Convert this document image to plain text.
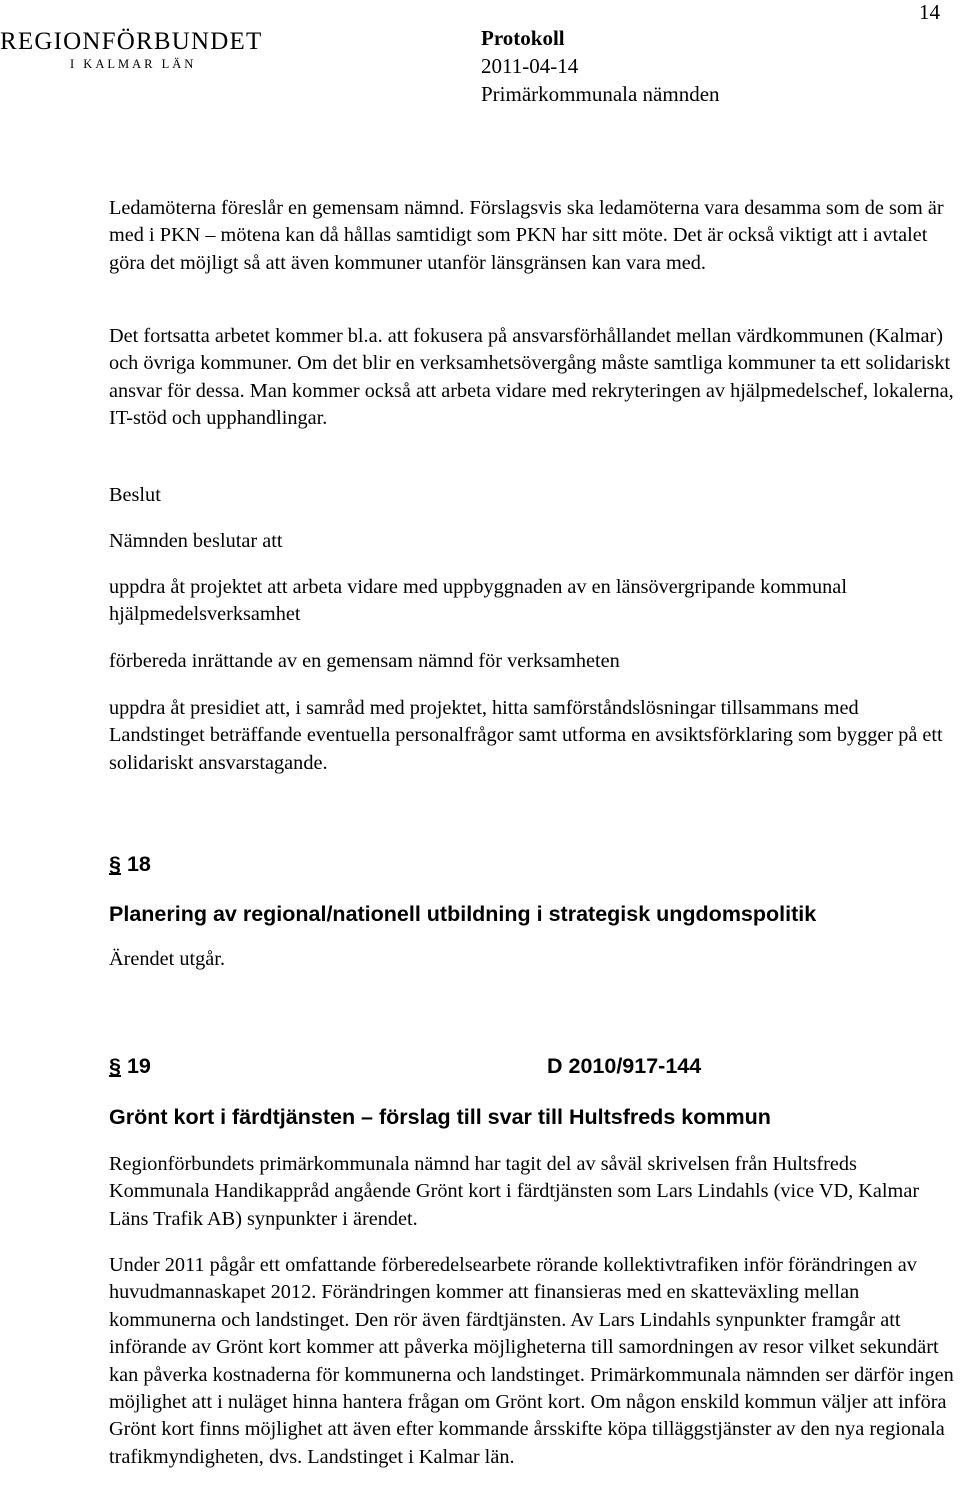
14
REGIONFÖRBUNDET
I KALMAR LÄN
Protokoll
2011-04-14
Primärkommunala nämnden

Ledamöterna föreslår en gemensam nämnd. Förslagsvis ska ledamöterna vara desamma som de som är med i PKN – mötena kan då hållas samtidigt som PKN har sitt möte. Det är också viktigt att i avtalet göra det möjligt så att även kommuner utanför länsgränsen kan vara med.

Det fortsatta arbetet kommer bl.a. att fokusera på ansvarsförhållandet mellan värdkommunen (Kalmar) och övriga kommuner. Om det blir en verksamhetsövergång måste samtliga kommuner ta ett solidariskt ansvar för dessa. Man kommer också att arbeta vidare med rekryteringen av hjälpmedelschef, lokalerna, IT-stöd och upphandlingar.

Beslut
Nämnden beslutar att
uppdra åt projektet att arbeta vidare med uppbyggnaden av en länsövergripande kommunal hjälpmedelsverksamhet
förbereda inrättande av en gemensam nämnd för verksamheten
uppdra åt presidiet att, i samråd med projektet, hitta samförståndslösningar tillsammans med Landstinget beträffande eventuella personalfrågor samt utforma en avsiktsförklaring som bygger på ett solidariskt ansvarstagande.
§ 18
Planering av regional/nationell utbildning i strategisk ungdomspolitik
Ärendet utgår.
§ 19	D 2010/917-144
Grönt kort i färdtjänsten – förslag till svar till Hultsfreds kommun
Regionförbundets primärkommunala nämnd har tagit del av såväl skrivelsen från Hultsfreds Kommunala Handikappråd angående Grönt kort i färdtjänsten som Lars Lindahls (vice VD, Kalmar Läns Trafik AB) synpunkter i ärendet.
Under 2011 pågår ett omfattande förberedelsearbete rörande kollektivtrafiken inför förändringen av huvudmannaskapet 2012. Förändringen kommer att finansieras med en skatteväxling mellan kommunerna och landstinget. Den rör även färdtjänsten. Av Lars Lindahls synpunkter framgår att införande av Grönt kort kommer att påverka möjligheterna till samordningen av resor vilket sekundärt kan påverka kostnaderna för kommunerna och landstinget. Primärkommunala nämnden ser därför ingen möjlighet att i nuläget hinna hantera frågan om Grönt kort. Om någon enskild kommun väljer att införa Grönt kort finns möjlighet att även efter kommande årsskifte köpa tilläggstjänster av den nya regionala trafikmyndigheten, dvs. Landstinget i Kalmar län.
